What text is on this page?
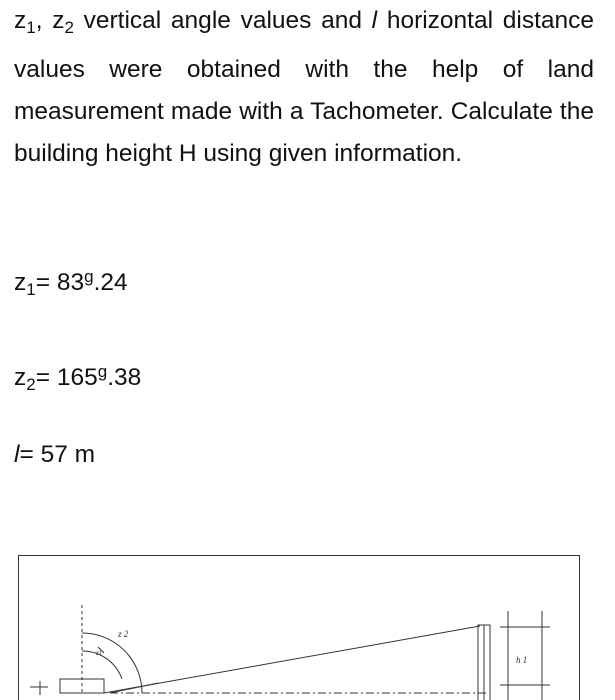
$z_1$, $z_2$ vertical angle values and l horizontal distance values were obtained with the help of land measurement made with a Tachometer. Calculate the building height H using given information.

$z_1= 83^g.24$
$z_2= 165^g.38$
l= 57 m
z 2
z1
h 1
